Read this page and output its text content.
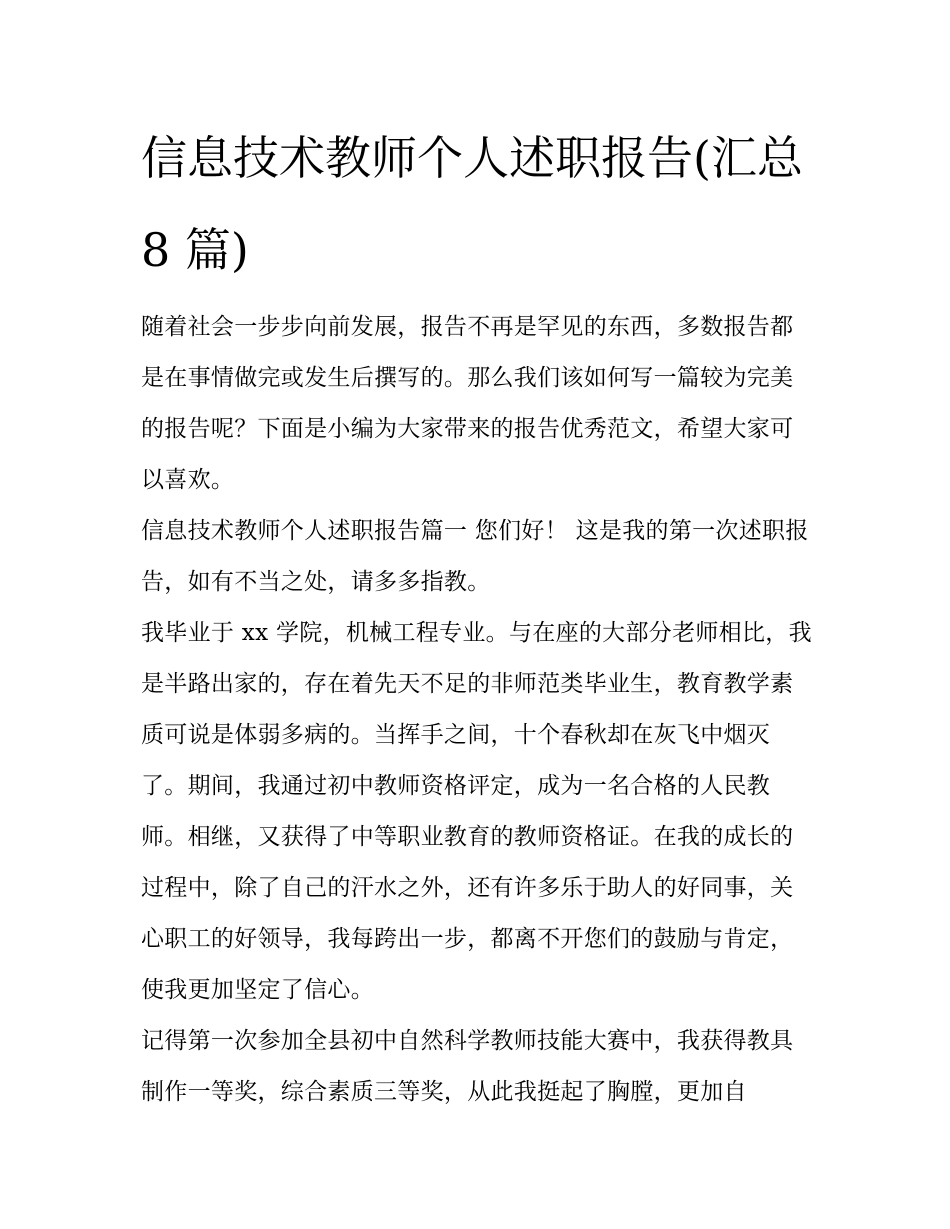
信息技术教师个人述职报告(汇总 8 篇)

随着社会一步步向前发展，报告不再是罕见的东西，多数报告都是在事情做完或发生后撰写的。那么我们该如何写一篇较为完美的报告呢？下面是小编为大家带来的报告优秀范文，希望大家可以喜欢。

信息技术教师个人述职报告篇一 您们好！ 这是我的第一次述职报告，如有不当之处，请多多指教。

我毕业于 xx 学院，机械工程专业。与在座的大部分老师相比，我是半路出家的，存在着先天不足的非师范类毕业生，教育教学素质可说是体弱多病的。当挥手之间，十个春秋却在灰飞中烟灭了。期间，我通过初中教师资格评定，成为一名合格的人民教师。相继，又获得了中等职业教育的教师资格证。在我的成长的过程中，除了自己的汗水之外，还有许多乐于助人的好同事，关心职工的好领导，我每跨出一步，都离不开您们的鼓励与肯定，使我更加坚定了信心。

记得第一次参加全县初中自然科学教师技能大赛中，我获得教具制作一等奖，综合素质三等奖，从此我挺起了胸膛，更加自
